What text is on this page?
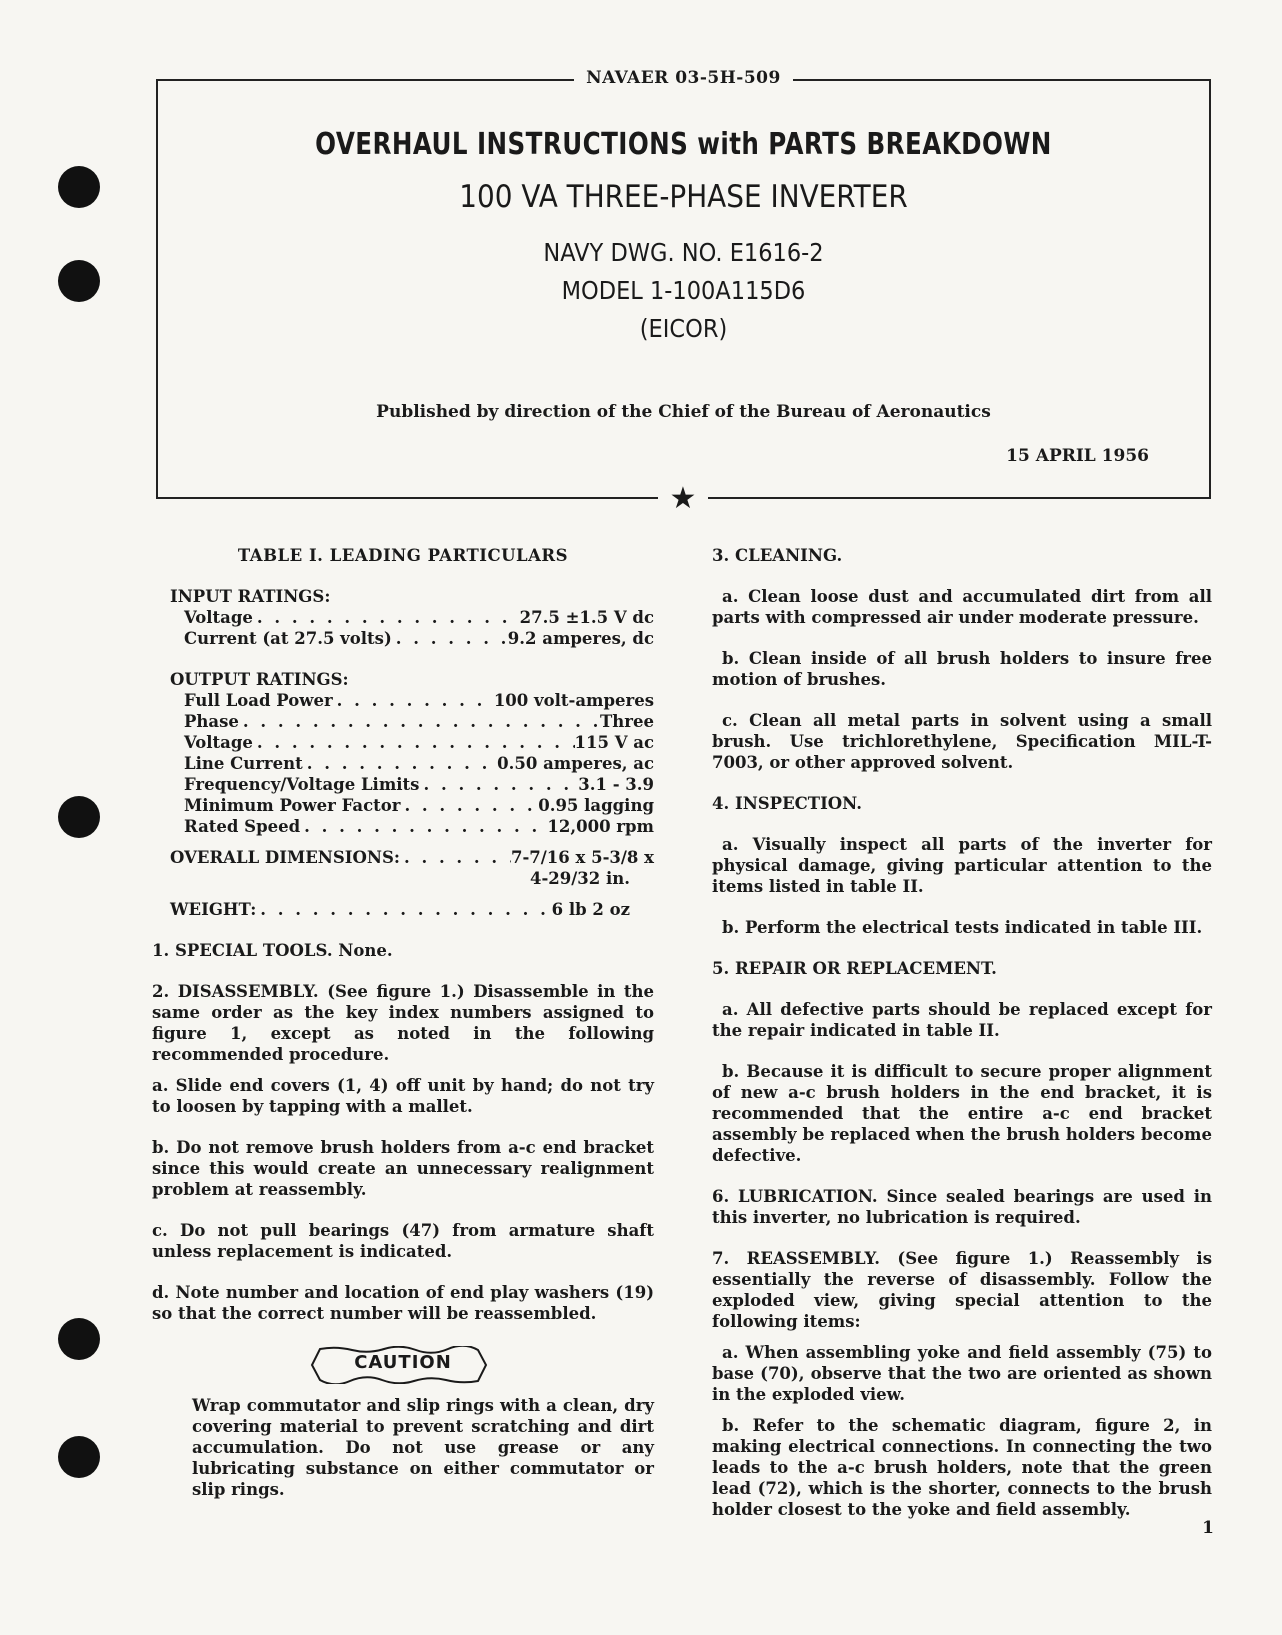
NAVAER 03-5H-509
OVERHAUL INSTRUCTIONS with PARTS BREAKDOWN
100 VA THREE-PHASE INVERTER
NAVY DWG. NO. E1616-2
MODEL 1-100A115D6
(EICOR)
Published by direction of the Chief of the Bureau of Aeronautics
15 APRIL 1956
★
TABLE I. LEADING PARTICULARS
INPUT RATINGS:
Voltage . . .	27.5 ±1.5 V dc
Current (at 27.5 volts) . . .	9.2 amperes, dc
OUTPUT RATINGS:
Full Load Power . . .	100 volt-amperes
Phase . . .	Three
Voltage . . .	115 V ac
Line Current . . .	0.50 amperes, ac
Frequency/Voltage Limits . . .	3.1 - 3.9
Minimum Power Factor . . .	0.95 lagging
Rated Speed . . .	12,000 rpm
OVERALL DIMENSIONS: . . .	7-7/16 x 5-3/8 x
4-29/32 in.
WEIGHT: . . .	6 lb 2 oz

1. SPECIAL TOOLS. None.

2. DISASSEMBLY. (See figure 1.) Disassemble in the same order as the key index numbers assigned to figure 1, except as noted in the following recommended procedure.

a. Slide end covers (1, 4) off unit by hand; do not try to loosen by tapping with a mallet.

b. Do not remove brush holders from a-c end bracket since this would create an unnecessary realignment problem at reassembly.

c. Do not pull bearings (47) from armature shaft unless replacement is indicated.

d. Note number and location of end play washers (19) so that the correct number will be reassembled.

CAUTION

Wrap commutator and slip rings with a clean, dry covering material to prevent scratching and dirt accumulation. Do not use grease or any lubricating substance on either commutator or slip rings.

3. CLEANING.

a. Clean loose dust and accumulated dirt from all parts with compressed air under moderate pressure.

b. Clean inside of all brush holders to insure free motion of brushes.

c. Clean all metal parts in solvent using a small brush. Use trichlorethylene, Specification MIL-T-7003, or other approved solvent.

4. INSPECTION.

a. Visually inspect all parts of the inverter for physical damage, giving particular attention to the items listed in table II.

b. Perform the electrical tests indicated in table III.

5. REPAIR OR REPLACEMENT.

a. All defective parts should be replaced except for the repair indicated in table II.

b. Because it is difficult to secure proper alignment of new a-c brush holders in the end bracket, it is recommended that the entire a-c end bracket assembly be replaced when the brush holders become defective.

6. LUBRICATION. Since sealed bearings are used in this inverter, no lubrication is required.

7. REASSEMBLY. (See figure 1.) Reassembly is essentially the reverse of disassembly. Follow the exploded view, giving special attention to the following items:

a. When assembling yoke and field assembly (75) to base (70), observe that the two are oriented as shown in the exploded view.

b. Refer to the schematic diagram, figure 2, in making electrical connections. In connecting the two leads to the a-c brush holders, note that the green lead (72), which is the shorter, connects to the brush holder closest to the yoke and field assembly.

1
